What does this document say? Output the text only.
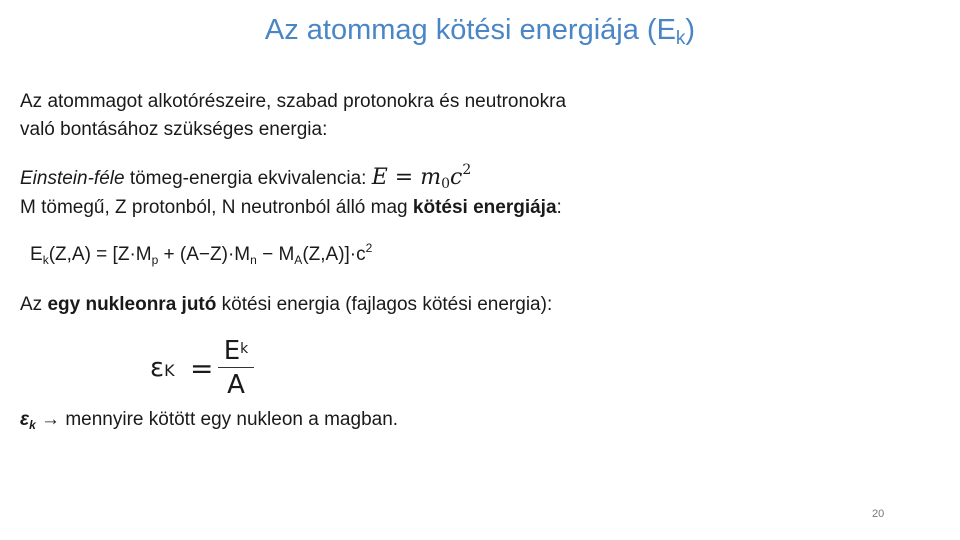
Az atommag kötési energiája $(E_k)$
Az atommagot alkotórészeire, szabad protonokra és neutronokra
való bontásához szükséges energia:
Einstein-féle tömeg-energia ekvivalencia: $E = m_0c^2$
M tömegű, Z protonból, N neutronból álló mag kötési energiája:
$E_k(Z,A) = [Z\cdot M_p + (A-Z)\cdot M_n - M_A(Z,A)]\cdot c^2$
Az egy nukleonra jutó kötési energia (fajlagos kötési energia):
εK =
$E^k$
A
$\varepsilon_k$ → mennyire kötött egy nukleon a magban.
20
